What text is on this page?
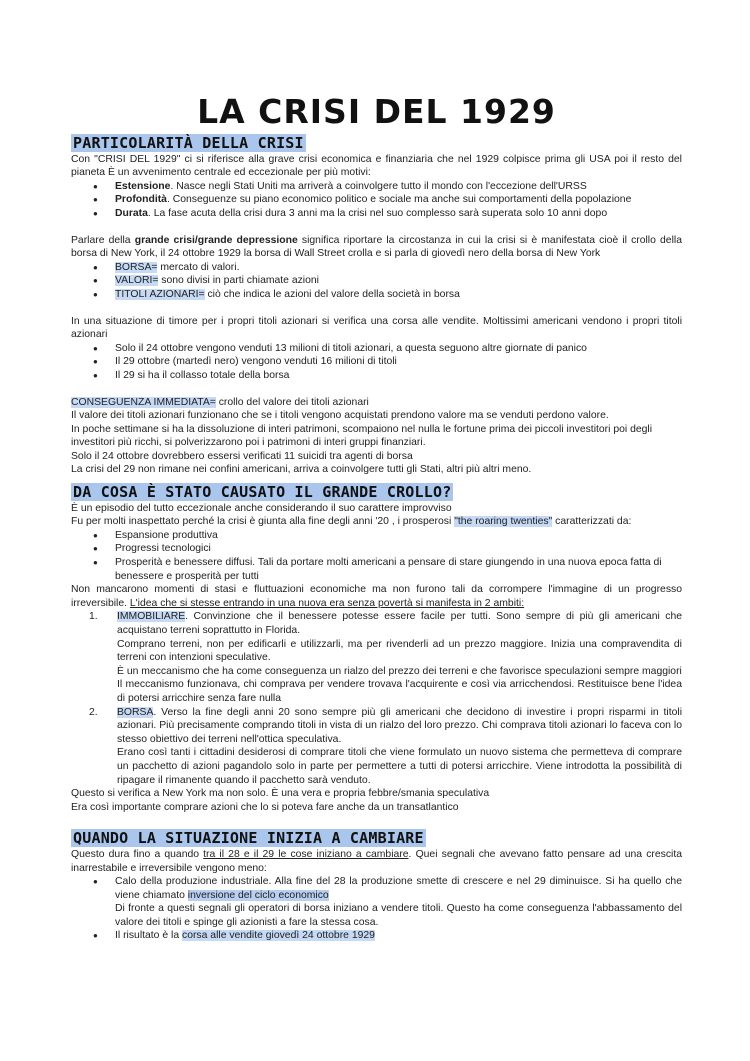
LA CRISI DEL 1929
PARTICOLARITÀ DELLA CRISI

Con "CRISI DEL 1929" ci si riferisce alla grave crisi economica e finanziaria che nel 1929 colpisce prima gli USA poi il resto del pianeta È un avvenimento centrale ed eccezionale per più motivi:

● Estensione. Nasce negli Stati Uniti ma arriverà a coinvolgere tutto il mondo con l'eccezione dell'URSS
● Profondità. Conseguenze su piano economico politico e sociale ma anche sui comportamenti della popolazione
● Durata. La fase acuta della crisi dura 3 anni ma la crisi nel suo complesso sarà superata solo 10 anni dopo

Parlare della grande crisi/grande depressione significa riportare la circostanza in cui la crisi si è manifestata cioè il crollo della borsa di New York, il 24 ottobre 1929 la borsa di Wall Street crolla e si parla di giovedì nero della borsa di New York

● BORSA= mercato di valori.
● VALORI= sono divisi in parti chiamate azioni
● TITOLI AZIONARI= ciò che indica le azioni del valore della società in borsa

In una situazione di timore per i propri titoli azionari si verifica una corsa alle vendite. Moltissimi americani vendono i propri titoli azionari

● Solo il 24 ottobre vengono venduti 13 milioni di titoli azionari, a questa seguono altre giornate di panico
● Il 29 ottobre (martedì nero) vengono venduti 16 milioni di titoli
● Il 29 si ha il collasso totale della borsa

CONSEGUENZA IMMEDIATA= crollo del valore dei titoli azionari

Il valore dei titoli azionari funzionano che se i titoli vengono acquistati prendono valore ma se venduti perdono valore.

In poche settimane si ha la dissoluzione di interi patrimoni, scompaiono nel nulla le fortune prima dei piccoli investitori poi degli investitori più ricchi, si polverizzarono poi i patrimoni di interi gruppi finanziari.

Solo il 24 ottobre dovrebbero essersi verificati 11 suicidi tra agenti di borsa

La crisi del 29 non rimane nei confini americani, arriva a coinvolgere tutti gli Stati, altri più altri meno.

DA COSA È STATO CAUSATO IL GRANDE CROLLO?

È un episodio del tutto eccezionale anche considerando il suo carattere improvviso

Fu per molti inaspettato perché la crisi è giunta alla fine degli anni '20 , i prosperosi "the roaring twenties" caratterizzati da:

● Espansione produttiva
● Progressi tecnologici
● Prosperità e benessere diffusi. Tali da portare molti americani a pensare di stare giungendo in una nuova epoca fatta di benessere e prosperità per tutti

Non mancarono momenti di stasi e fluttuazioni economiche ma non furono tali da corrompere l'immagine di un progresso irreversibile. L'idea che si stesse entrando in una nuova era senza povertà si manifesta in 2 ambiti:

1. IMMOBILIARE. Convinzione che il benessere potesse essere facile per tutti. Sono sempre di più gli americani che acquistano terreni soprattutto in Florida.

Comprano terreni, non per edificarli e utilizzarli, ma per rivenderli ad un prezzo maggiore. Inizia una compravendita di terreni con intenzioni speculative.

È un meccanismo che ha come conseguenza un rialzo del prezzo dei terreni e che favorisce speculazioni sempre maggiori

Il meccanismo funzionava, chi comprava per vendere trovava l'acquirente e così via arricchendosi. Restituisce bene l'idea di potersi arricchire senza fare nulla

2. BORSA. Verso la fine degli anni 20 sono sempre più gli americani che decidono di investire i propri risparmi in titoli azionari. Più precisamente comprando titoli in vista di un rialzo del loro prezzo. Chi comprava titoli azionari lo faceva con lo stesso obiettivo dei terreni nell'ottica speculativa.

Erano così tanti i cittadini desiderosi di comprare titoli che viene formulato un nuovo sistema che permetteva di comprare un pacchetto di azioni pagandolo solo in parte per permettere a tutti di potersi arricchire. Viene introdotta la possibilità di ripagare il rimanente quando il pacchetto sarà venduto.

Questo si verifica a New York ma non solo. È una vera e propria febbre/smania speculativa

Era così importante comprare azioni che lo si poteva fare anche da un transatlantico

QUANDO LA SITUAZIONE INIZIA A CAMBIARE

Questo dura fino a quando tra il 28 e il 29 le cose iniziano a cambiare. Quei segnali che avevano fatto pensare ad una crescita inarrestabile e irreversibile vengono meno:

● Calo della produzione industriale. Alla fine del 28 la produzione smette di crescere e nel 29 diminuisce. Si ha quello che viene chiamato inversione del ciclo economico

Di fronte a questi segnali gli operatori di borsa iniziano a vendere titoli. Questo ha come conseguenza l'abbassamento del valore dei titoli e spinge gli azionisti a fare la stessa cosa.

● Il risultato è la corsa alle vendite giovedì 24 ottobre 1929
